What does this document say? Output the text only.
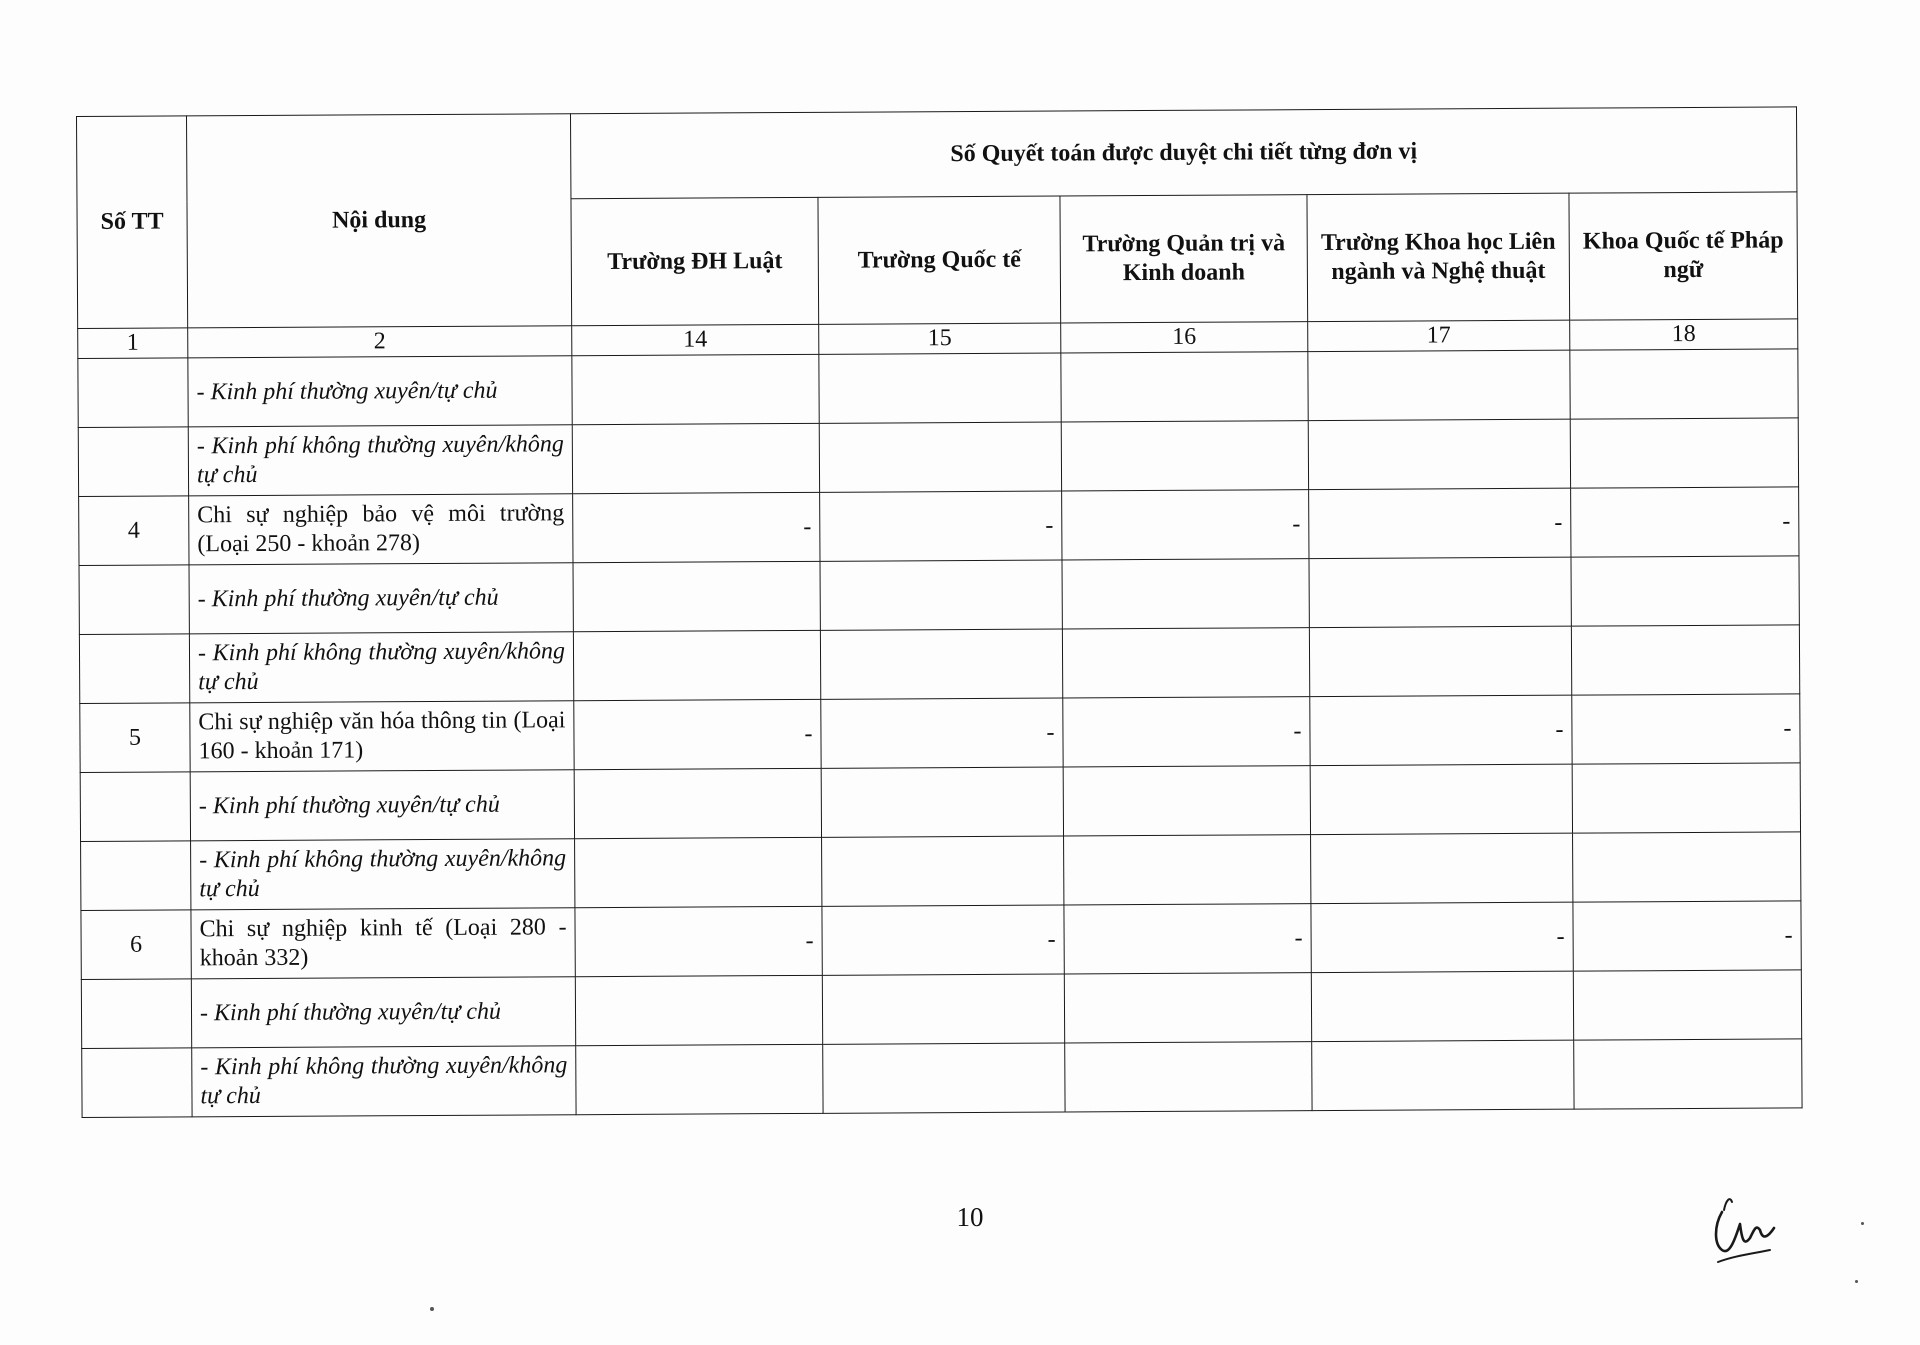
Số TT	Nội dung	Số Quyết toán được duyệt chi tiết từng đơn vị				
		Trường ĐH Luật	Trường Quốc tế	Trường Quản trị và Kinh doanh	Trường Khoa học Liên ngành và Nghệ thuật	Khoa Quốc tế Pháp ngữ
1	2	14	15	16	17	18
	- Kinh phí thường xuyên/tự chủ					
	- Kinh phí không thường xuyên/không tự chủ					
4	Chi sự nghiệp bảo vệ môi trường (Loại 250 - khoản 278)	-	-	-	-	-
	- Kinh phí thường xuyên/tự chủ					
	- Kinh phí không thường xuyên/không tự chủ					
5	Chi sự nghiệp văn hóa thông tin (Loại 160 - khoản 171)	-	-	-	-	-
	- Kinh phí thường xuyên/tự chủ					
	- Kinh phí không thường xuyên/không tự chủ					
6	Chi sự nghiệp kinh tế (Loại 280 - khoản 332)	-	-	-	-	-
	- Kinh phí thường xuyên/tự chủ					
	- Kinh phí không thường xuyên/không tự chủ					
10
